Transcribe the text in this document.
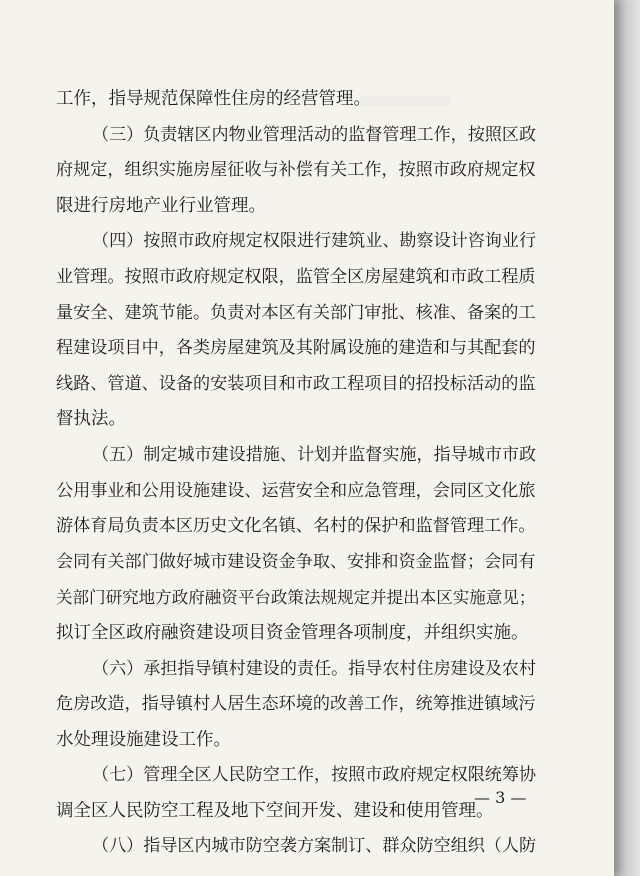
工作，指导规范保障性住房的经营管理。
（三）负责辖区内物业管理活动的监督管理工作，按照区政
府规定，组织实施房屋征收与补偿有关工作，按照市政府规定权
限进行房地产业行业管理。
（四）按照市政府规定权限进行建筑业、勘察设计咨询业行
业管理。按照市政府规定权限，监管全区房屋建筑和市政工程质
量安全、建筑节能。负责对本区有关部门审批、核准、备案的工
程建设项目中，各类房屋建筑及其附属设施的建造和与其配套的
线路、管道、设备的安装项目和市政工程项目的招投标活动的监
督执法。
（五）制定城市建设措施、计划并监督实施，指导城市市政
公用事业和公用设施建设、运营安全和应急管理，会同区文化旅
游体育局负责本区历史文化名镇、名村的保护和监督管理工作。
会同有关部门做好城市建设资金争取、安排和资金监督；会同有
关部门研究地方政府融资平台政策法规规定并提出本区实施意见；
拟订全区政府融资建设项目资金管理各项制度，并组织实施。
（六）承担指导镇村建设的责任。指导农村住房建设及农村
危房改造，指导镇村人居生态环境的改善工作，统筹推进镇域污
水处理设施建设工作。
（七）管理全区人民防空工作，按照市政府规定权限统筹协
调全区人民防空工程及地下空间开发、建设和使用管理。
（八）指导区内城市防空袭方案制订、群众防空组织（人防
— 3 —
